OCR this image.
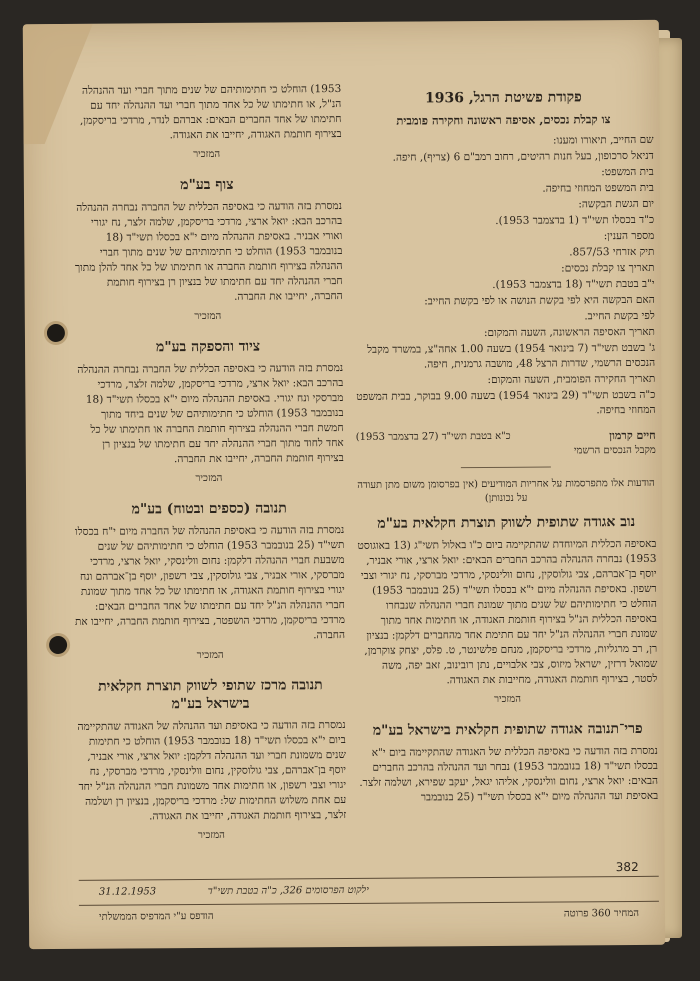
פקודת פשיטת הרגל, 1936
צו קבלת נכסים, אסיפה ראשונה וחקירה פומבית
שם החייב, תיאורו ומענו:
דניאל סרכופון, בעל חנות רהיטים, רחוב רמב"ם 6 (צריף), חיפה.
בית המשפט:
בית המשפט המחוזי בחיפה.
יום הגשת הבקשה:
כ"ד בכסלו תשי"ד (1 בדצמבר 1953).
מספר הענין:
תיק אזרחי 857/53.
תאריך צו קבלת נכסים:
י"ב בטבת תשי"ד (18 בדצמבר 1953).
האם הבקשה היא לפי בקשת הנושה או לפי בקשת החייב:
לפי בקשת החייב.
תאריך האסיפה הראשונה, השעה והמקום:
ג' בשבט תשי"ד (7 בינואר 1954) בשעה 1.00 אחה"צ, במשרד מקבל הנכסים הרשמי, שדרות הרצל 48, מושבה גרמנית, חיפה.
תאריך החקירה הפומבית, השעה והמקום:
כ"ה בשבט תשי"ד (29 בינואר 1954) בשעה 9.00 בבוקר, בבית המשפט המחוזי בחיפה.
חיים קרמון
מקבל הנכסים הרשמי
כ"א בטבת תשי"ד (27 בדצמבר 1953)
הודעות אלו מתפרסמות על אחריות המודיעים (אין בפרסומן משום מתן תעודה על נכונותן)
נוב אגודה שתופית לשווק תוצרת חקלאית בע"מ
באסיפה הכללית המיוחדת שהתקיימה ביום כ"ו באלול תשי"ג (13 באוגוסט 1953) נבחרה ההנהלה בהרכב החברים הבאים: יואל ארצי, אורי אבניר, יוסף בן־אברהם, צבי גולוסקין, נחום וולינסקי, מרדכי מברסקי, נח יגורי וצבי רשפון. באסיפת ההנהלה מיום י"א בכסלו תשי"ד (25 בנובמבר 1953) הוחלט כי חתימותיהם של שנים מתוך שמונת חברי ההנהלה שנבחרו באסיפה הכללית הנ"ל בצירוף חותמת האגודה, או חתימות אחד מתוך שמונת חברי ההנהלה הנ"ל יחד עם חתימת אחד מהחברים דלקמן: בנציון רן, רב מרגליות, מרדכי בריסקמן, מנחם פלשינטר, ט. פלס, יצחק צוקרמן, שמואל דרזין, ישראל מיזוס, צבי אלבויים, נתן רובינוב, זאב יפה, משה לסטר, בצירוף חותמת האגודה, מחייבות את האגודה.
המזכיר
פרי־תנובה אגודה שתופית חקלאית בישראל בע"מ
נמסרת בזה הודעה כי באסיפה הכללית של האגודה שהתקיימה ביום י"א בכסלו תשי"ד (18 בנובמבר 1953) נבחר ועד ההנהלה בהרכב החברים הבאים: יואל ארצי, נחום וולינסקי, אליהו יגאל, יעקב שפירא, ושלמה זלצר. באסיפת ועד ההנהלה מיום י"א בכסלו תשי"ד (25 בנובמבר
1953) הוחלט כי חתימותיהם של שנים מתוך חברי ועד ההנהלה הנ"ל, או חתימתו של כל אחד מתוך חברי ועד ההנהלה יחד עם חתימתו של אחד החברים הבאים: אברהם לנדר, מרדכי בריסקמן, בצירוף חותמת האגודה, יחייבו את האגודה.
המזכיר
צוף בע"מ
נמסרת בזה הודעה כי באסיפה הכללית של החברה נבחרה ההנהלה בהרכב הבא: יואל ארצי, מרדכי בריסקמן, שלמה זלצר, נח יגורי ואורי אבניר. באסיפת ההנהלה מיום י"א בכסלו תשי"ד (18 בנובמבר 1953) הוחלט כי חתימותיהם של שנים מתוך חברי ההנהלה בצירוף חותמת החברה או חתימתו של כל אחד להלן מתוך חברי ההנהלה יחד עם חתימתו של בנציון רן בצירוף חותמת החברה, יחייבו את החברה.
המזכיר
ציוד והספקה בע"מ
נמסרת בזה הודעה כי באסיפה הכללית של החברה נבחרה ההנהלה בהרכב הבא: יואל ארצי, מרדכי בריסקמן, שלמה זלצר, מרדכי מברסקי ונח יגורי. באסיפת ההנהלה מיום י"א בכסלו תשי"ד (18 בנובמבר 1953) הוחלט כי חתימותיהם של שנים ביחד מתוך חמשת חברי ההנהלה בצירוף חותמת החברה או חתימתו של כל אחד לחוד מתוך חברי ההנהלה יחד עם חתימתו של בנציון רן בצירוף חותמת החברה, יחייבו את החברה.
המזכיר
תנובה (כספים ובטוח) בע"מ
נמסרת בזה הודעה כי באסיפת ההנהלה של החברה מיום י"ח בכסלו תשי"ד (25 בנובמבר 1953) הוחלט כי חתימותיהם של שנים משבעת חברי ההנהלה דלקמן: נחום וולינסקי, יואל ארצי, מרדכי מברסקי, אורי אבניר, צבי גולוסקין, צבי רשפון, יוסף בן־אברהם ונח יגורי בצירוף חותמת האגודה, או חתימתו של כל אחד מתוך שמונת חברי ההנהלה הנ"ל יחד עם חתימתו של אחד החברים הבאים: מרדכי בריסקמן, מרדכי הושפטר, בצירוף חותמת החברה, יחייבו את החברה.
המזכיר
תנובה מרכז שתופי לשווק תוצרת חקלאית בישראל בע"מ
נמסרת בזה הודעה כי באסיפת ועד ההנהלה של האגודה שהתקיימה ביום י"א בכסלו תשי"ד (18 בנובמבר 1953) הוחלט כי חתימות שנים משמונת חברי ועד ההנהלה דלקמן: יואל ארצי, אורי אבניר, יוסף בן־אברהם, צבי גולוסקין, נחום וולינסקי, מרדכי מברסקי, נח יגורי וצבי רשפון, או חתימות אחד משמונת חברי ההנהלה הנ"ל יחד עם אחת משלוש החתימות של: מרדכי בריסקמן, בנציון רן ושלמה זלצר, בצירוף חותמת האגודה, יחייבו את האגודה.
המזכיר
382
ילקוט הפרסומים 326, כ"ה בטבת תשי"ד
31.12.1953
המחיר 360 פרוטה
הודפס ע"י המדפיס הממשלתי
